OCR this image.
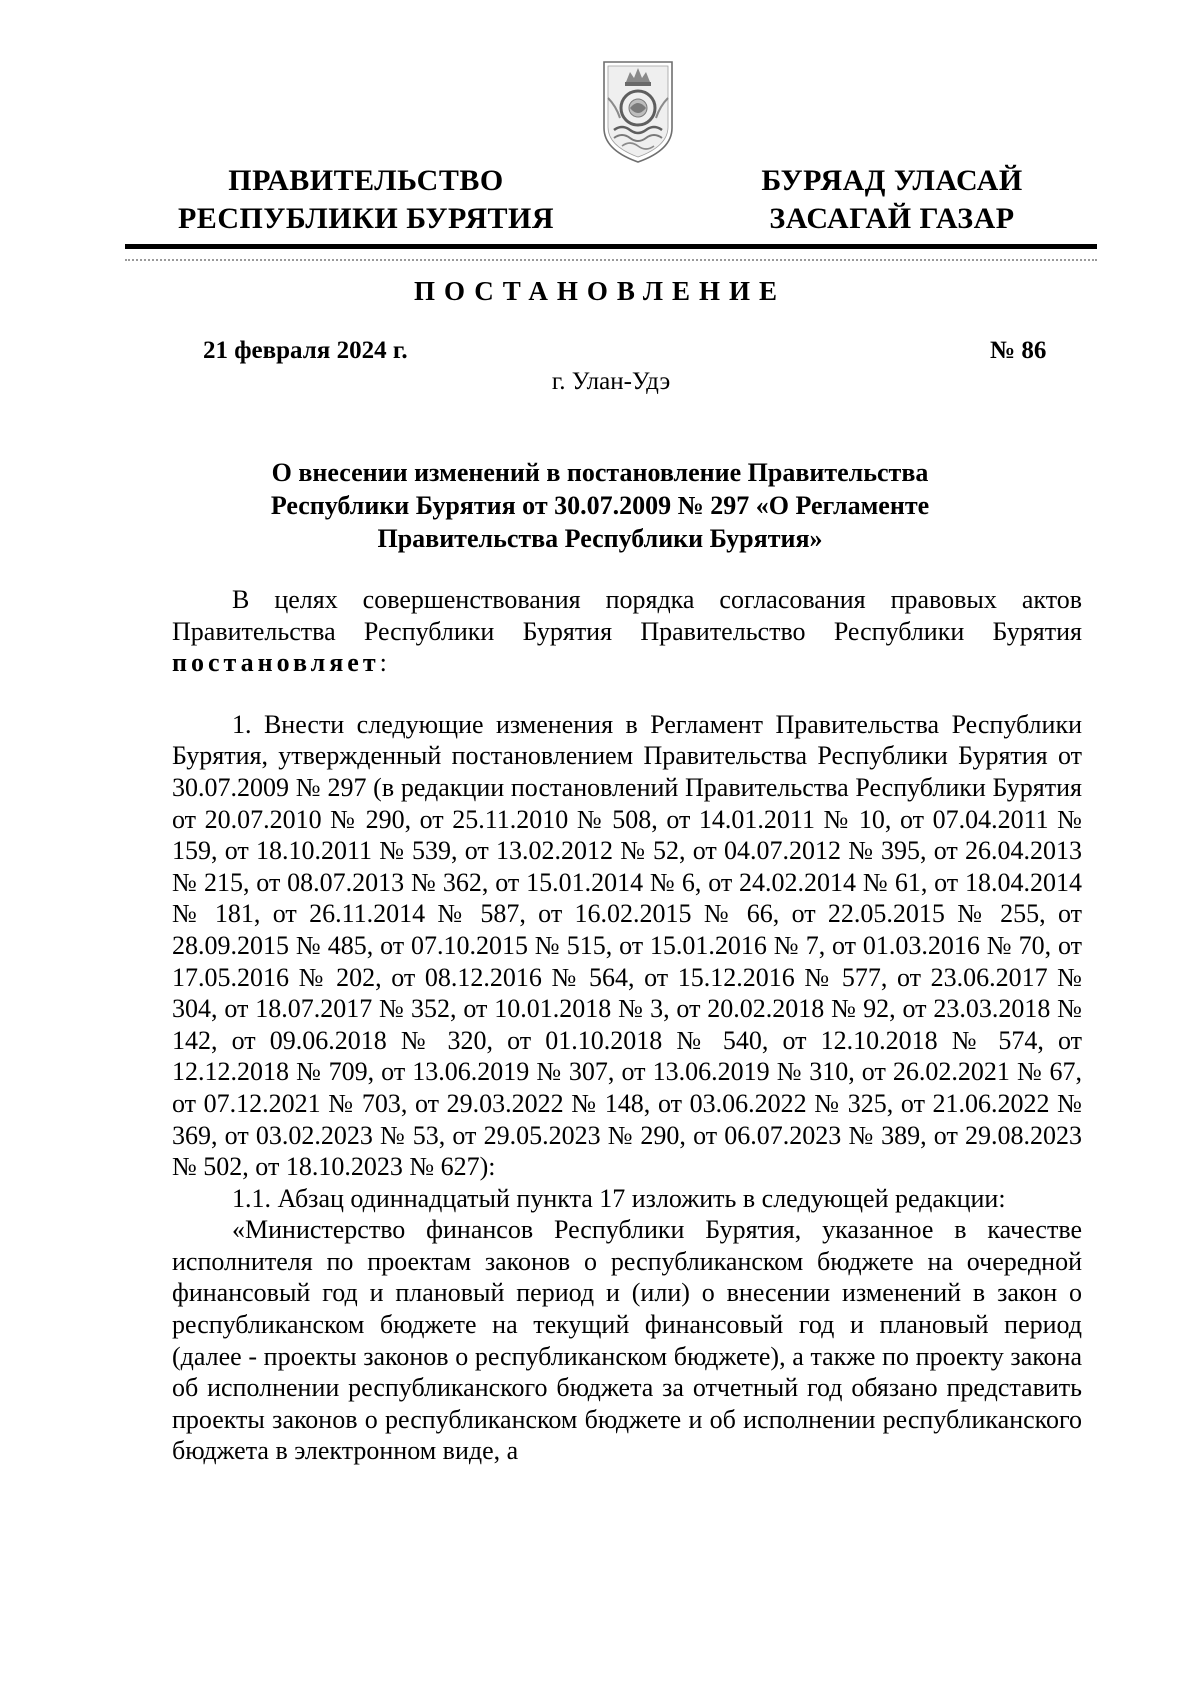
ПРАВИТЕЛЬСТВО
РЕСПУБЛИКИ БУРЯТИЯ
БУРЯАД УЛАСАЙ
ЗАСАГАЙ ГАЗАР
ПОСТАНОВЛЕНИЕ
21 февраля 2024 г.	№ 86
г. Улан-Удэ
О внесении изменений в постановление Правительства
Республики Бурятия от 30.07.2009 № 297 «О Регламенте
Правительства Республики Бурятия»

В целях совершенствования порядка согласования правовых актов Правительства Республики Бурятия Правительство Республики Бурятия постановляет:

1. Внести следующие изменения в Регламент Правительства Республики Бурятия, утвержденный постановлением Правительства Республики Бурятия от 30.07.2009 № 297 (в редакции постановлений Правительства Республики Бурятия от 20.07.2010 № 290, от 25.11.2010 № 508, от 14.01.2011 № 10, от 07.04.2011 № 159, от 18.10.2011 № 539, от 13.02.2012 № 52, от 04.07.2012 № 395, от 26.04.2013 № 215, от 08.07.2013 № 362, от 15.01.2014 № 6, от 24.02.2014 № 61, от 18.04.2014 № 181, от 26.11.2014 № 587, от 16.02.2015 № 66, от 22.05.2015 № 255, от 28.09.2015 № 485, от 07.10.2015 № 515, от 15.01.2016 № 7, от 01.03.2016 № 70, от 17.05.2016 № 202, от 08.12.2016 № 564, от 15.12.2016 № 577, от 23.06.2017 № 304, от 18.07.2017 № 352, от 10.01.2018 № 3, от 20.02.2018 № 92, от 23.03.2018 № 142, от 09.06.2018 № 320, от 01.10.2018 № 540, от 12.10.2018 № 574, от 12.12.2018 № 709, от 13.06.2019 № 307, от 13.06.2019 № 310, от 26.02.2021 № 67, от 07.12.2021 № 703, от 29.03.2022 № 148, от 03.06.2022 № 325, от 21.06.2022 № 369, от 03.02.2023 № 53, от 29.05.2023 № 290, от 06.07.2023 № 389, от 29.08.2023 № 502, от 18.10.2023 № 627):

1.1. Абзац одиннадцатый пункта 17 изложить в следующей редакции:

«Министерство финансов Республики Бурятия, указанное в качестве исполнителя по проектам законов о республиканском бюджете на очередной финансовый год и плановый период и (или) о внесении изменений в закон о республиканском бюджете на текущий финансовый год и плановый период (далее - проекты законов о республиканском бюджете), а также по проекту закона об исполнении республиканского бюджета за отчетный год обязано представить проекты законов о республиканском бюджете и об исполнении республиканского бюджета в электронном виде, а
